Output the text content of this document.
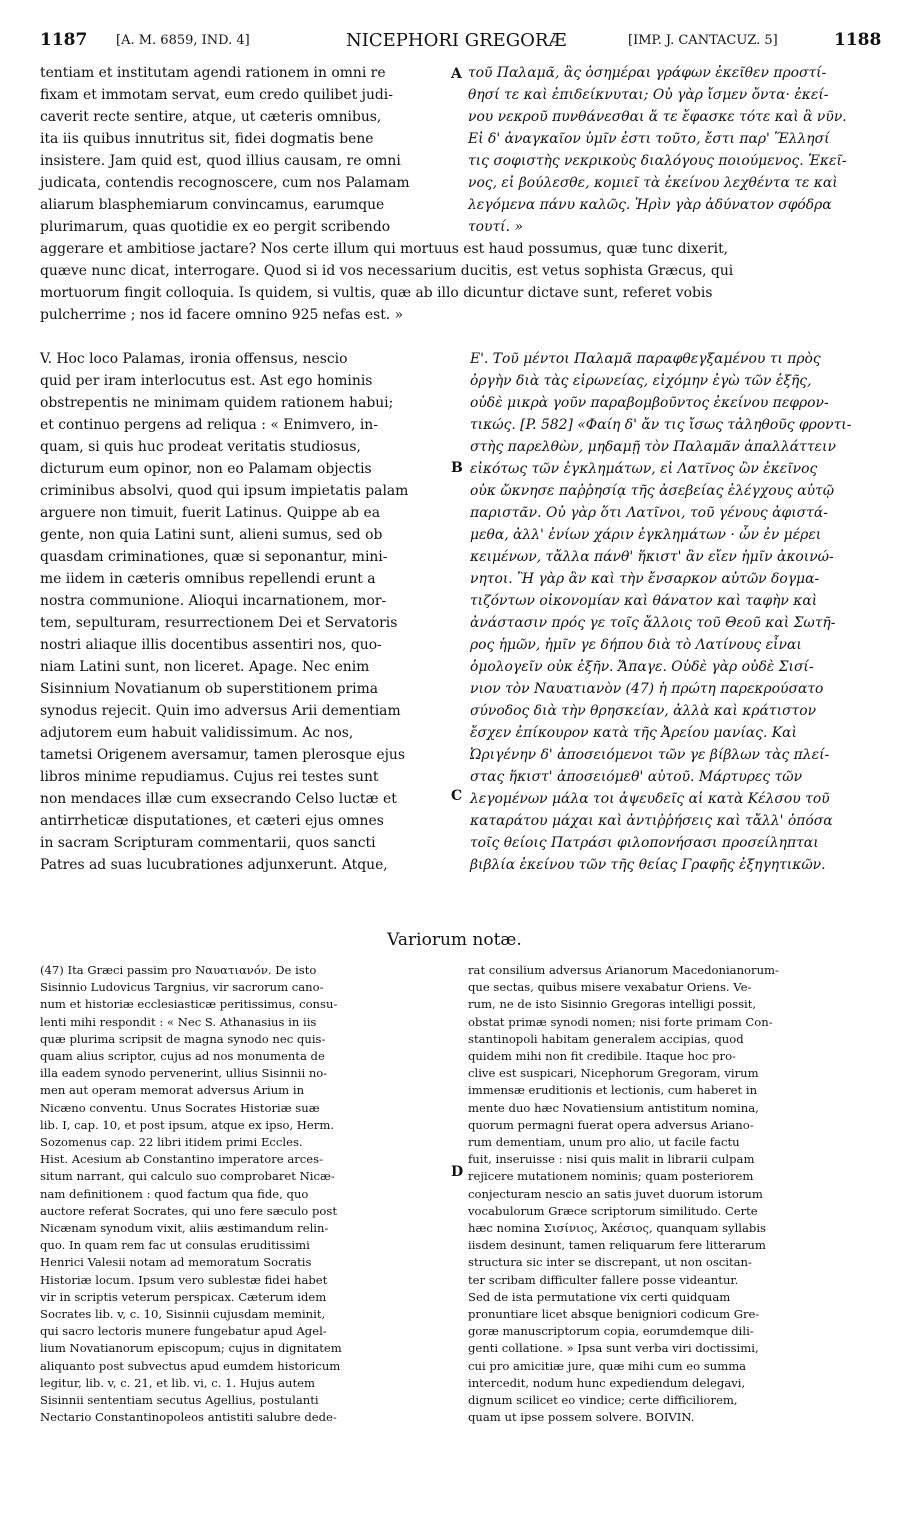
1187 [A. M. 6859, IND. 4]	NICEPHORI GREGORÆ	[IMP. J. CANTACUZ. 5]	1188

tentiam et institutam agendi rationem in omni re
fixam et immotam servat, eum credo quilibet judi-
caverit recte sentire, atque, ut cæteris omnibus,
ita iis quibus innutritus sit, fidei dogmatis bene
insistere. Jam quid est, quod illius causam, re omni
judicata, contendis recognoscere, cum nos Palamam
aliarum blasphemiarum convincamus, earumque
plurimarum, quas quotidie ex eo pergit scribendo

A τοῦ Παλαμᾶ, ἃς ὁσημέραι γράφων ἐκεῖθεν προστί-
θησί τε καὶ ἐπιδείκνυται; Οὐ γὰρ ἴσμεν ὄντα· ἐκεί-
νου νεκροῦ πυνθάνεσθαι ἅ τε ἔφασκε τότε καὶ ἃ νῦν.
Εἰ δ' ἀναγκαῖον ὑμῖν ἐστι τοῦτο, ἔστι παρ' Ἕλλησί
τις σοφιστὴς νεκρικοὺς διαλόγους ποιούμενος. Ἐκεῖ-
νος, εἰ βούλεσθε, κομιεῖ τὰ ἐκείνου λεχθέντα τε καὶ
λεγόμενα πάνυ καλῶς. Ἠρὶν γὰρ ἀδύνατον σφόδρα
τουτί. »

aggerare et ambitiose jactare? Nos certe illum qui mortuus est haud possumus, quæ tunc dixerit,
quæve nunc dicat, interrogare. Quod si id vos necessarium ducitis, est vetus sophista Græcus, qui
mortuorum fingit colloquia. Is quidem, si vultis, quæ ab illo dicuntur dictave sunt, referet vobis
pulcherrime ; nos id facere omnino 925 nefas est. »

V. Hoc loco Palamas, ironia offensus, nescio
quid per iram interlocutus est. Ast ego hominis
obstrepentis ne minimam quidem rationem habui;
et continuo pergens ad reliqua : « Enimvero, in-
quam, si quis huc prodeat veritatis studiosus,
dicturum eum opinor, non eo Palamam objectis
criminibus absolvi, quod qui ipsum impietatis palam
arguere non timuit, fuerit Latinus. Quippe ab ea
gente, non quia Latini sunt, alieni sumus, sed ob
quasdam criminationes, quæ si seponantur, mini-
me iidem in cæteris omnibus repellendi erunt a
nostra communione. Alioqui incarnationem, mor-
tem, sepulturam, resurrectionem Dei et Servatoris
nostri aliaque illis docentibus assentiri nos, quo-
niam Latini sunt, non liceret. Apage. Nec enim
Sisinnium Novatianum ob superstitionem prima
synodus rejecit. Quin imo adversus Arii dementiam
adjutorem eum habuit validissimum. Ac nos,
tametsi Origenem aversamur, tamen plerosque ejus
libros minime repudiamus. Cujus rei testes sunt
non mendaces illæ cum exsecrando Celso luctæ et
antirrheticæ disputationes, et cæteri ejus omnes
in sacram Scripturam commentarii, quos sancti
Patres ad suas lucubrationes adjunxerunt. Atque,

B
C

Ε'. Τοῦ μέντοι Παλαμᾶ παραφθεγξαμένου τι πρὸς
ὀργὴν διὰ τὰς εἰρωνείας, εἰχόμην ἐγὼ τῶν ἑξῆς,
οὐδὲ μικρὰ γοῦν παραβομβοῦντος ἐκείνου πεφρον-
τικώς. [P. 582] «Φαίη δ' ἄν τις ἴσως τἀληθοῦς φροντι-
στὴς παρελθὼν, μηδαμῇ τὸν Παλαμᾶν ἀπαλλάττειν
εἰκότως τῶν ἐγκλημάτων, εἰ Λατῖνος ὢν ἐκεῖνος
οὐκ ὤκνησε παῤῥησίᾳ τῆς ἀσεβείας ἐλέγχους αὐτῷ
παριστᾶν. Οὐ γὰρ ὅτι Λατῖνοι, τοῦ γένους ἀφιστά-
μεθα, ἀλλ' ἐνίων χάριν ἐγκλημάτων · ὧν ἐν μέρει
κειμένων, τἄλλα πάνθ' ἥκιστ' ἂν εἴεν ἡμῖν ἀκοινώ-
νητοι. Ἢ γὰρ ἂν καὶ τὴν ἔνσαρκον αὐτῶν δογμα-
τιζόντων οἰκονομίαν καὶ θάνατον καὶ ταφὴν καὶ
ἀνάστασιν πρός γε τοῖς ἄλλοις τοῦ Θεοῦ καὶ Σωτῆ-
ρος ἡμῶν, ἡμῖν γε δήπου διὰ τὸ Λατίνους εἶναι
ὁμολογεῖν οὐκ ἐξῆν. Ἄπαγε. Οὐδὲ γὰρ οὐδὲ Σισί-
νιον τὸν Ναυατιανὸν (47) ἡ πρώτη παρεκρούσατο
σύνοδος διὰ τὴν θρησκείαν, ἀλλὰ καὶ κράτιστον
ἔσχεν ἐπίκουρον κατὰ τῆς Ἀρείου μανίας. Καὶ
Ὠριγένην δ' ἀποσειόμενοι τῶν γε βίβλων τὰς πλεί-
στας ἥκιστ' ἀποσειόμεθ' αὐτοῦ. Μάρτυρες τῶν
λεγομένων μάλα τοι ἀψευδεῖς αἱ κατὰ Κέλσου τοῦ
καταράτου μάχαι καὶ ἀντιῤῥήσεις καὶ τἄλλ' ὁπόσα
τοῖς θείοις Πατράσι φιλοπονήσασι προσείληπται
βιβλία ἐκείνου τῶν τῆς θείας Γραφῆς ἐξηγητικῶν.

Variorum notæ.

(47) Ita Græci passim pro Ναυατιανόν. De isto
Sisinnio Ludovicus Targnius, vir sacrorum cano-
num et historiæ ecclesiasticæ peritissimus, consu-
lenti mihi respondit : « Nec S. Athanasius in iis
quæ plurima scripsit de magna synodo nec quis-
quam alius scriptor, cujus ad nos monumenta de
illa eadem synodo pervenerint, ullius Sisinnii no-
men aut operam memorat adversus Arium in
Nicæno conventu. Unus Socrates Historiæ suæ
lib. I, cap. 10, et post ipsum, atque ex ipso, Herm.
Sozomenus cap. 22 libri itidem primi Eccles.
Hist. Acesium ab Constantino imperatore arces-
situm narrant, qui calculo suo comprobaret Nicæ-
nam definitionem : quod factum qua fide, quo
auctore referat Socrates, qui uno fere sæculo post
Nicænam synodum vixit, aliis æstimandum relin-
quo. In quam rem fac ut consulas eruditissimi
Henrici Valesii notam ad memoratum Socratis
Historiæ locum. Ipsum vero sublestæ fidei habet
vir in scriptis veterum perspicax. Cæterum idem
Socrates lib. v, c. 10, Sisinnii cujusdam meminit,
qui sacro lectoris munere fungebatur apud Agel-
lium Novatianorum episcopum; cujus in dignitatem
aliquanto post subvectus apud eumdem historicum
legitur, lib. v, c. 21, et lib. vi, c. 1. Hujus autem
Sisinnii sententiam secutus Agellius, postulanti
Nectario Constantinopoleos antistiti salubre dede-

D

rat consilium adversus Arianorum Macedonianorum-
que sectas, quibus misere vexabatur Oriens. Ve-
rum, ne de isto Sisinnio Gregoras intelligi possit,
obstat primæ synodi nomen; nisi forte primam Con-
stantinopoli habitam generalem accipias, quod
quidem mihi non fit credibile. Itaque hoc pro-
clive est suspicari, Nicephorum Gregoram, virum
immensæ eruditionis et lectionis, cum haberet in
mente duo hæc Novatiensium antistitum nomina,
quorum permagni fuerat opera adversus Ariano-
rum dementiam, unum pro alio, ut facile factu
fuit, inseruisse : nisi quis malit in librarii culpam
rejicere mutationem nominis; quam posteriorem
conjecturam nescio an satis juvet duorum istorum
vocabulorum Græce scriptorum similitudo. Certe
hæc nomina Σισίνιος, Ἀκέσιος, quanquam syllabis
iisdem desinunt, tamen reliquarum fere litterarum
structura sic inter se discrepant, ut non oscitan-
ter scribam difficulter fallere posse videantur.
Sed de ista permutatione vix certi quidquam
pronuntiare licet absque benigniori codicum Gre-
goræ manuscriptorum copia, eorumdemque dili-
genti collatione. » Ipsa sunt verba viri doctissimi,
cui pro amicitiæ jure, quæ mihi cum eo summa
intercedit, nodum hunc expediendum delegavi,
dignum scilicet eo vindice; certe difficiliorem,
quam ut ipse possem solvere. BOIVIN.
